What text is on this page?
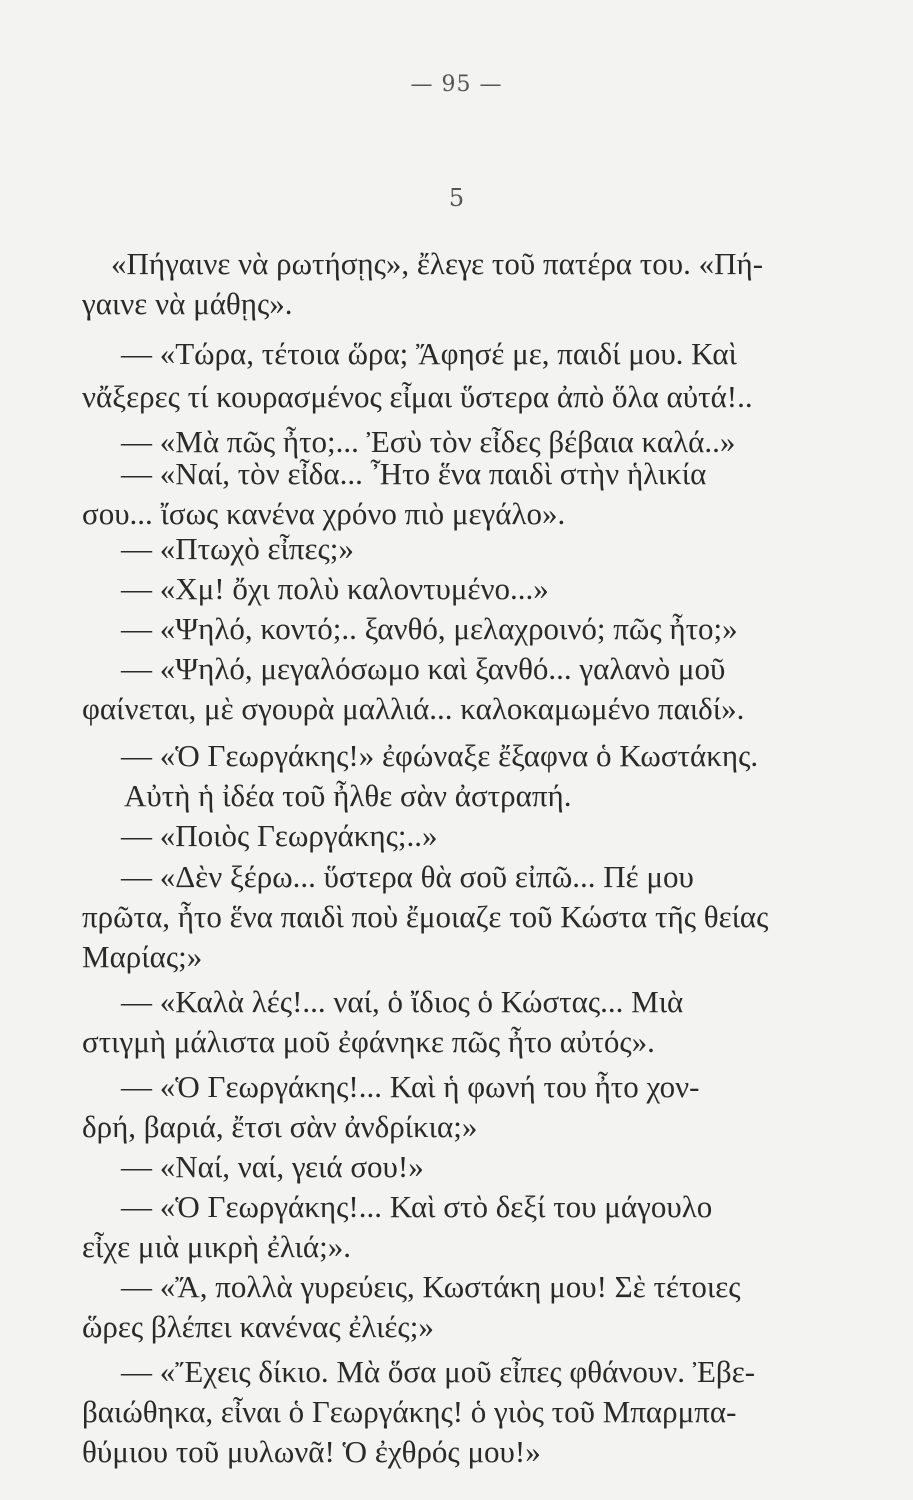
— 95 —
5
«Πήγαινε νὰ ρωτήσῃς», ἔλεγε τοῦ πατέρα του. «Πή-
γαινε νὰ μάθῃς».
— «Τώρα, τέτοια ὥρα; Ἄφησέ με, παιδί μου. Καὶ
νἄξερες τί κουρασμένος εἶμαι ὕστερα ἀπὸ ὅλα αὐτά!..
— «Μὰ πῶς ἦτο;... Ἐσὺ τὸν εἶδες βέβαια καλά..»
— «Ναί, τὸν εἶδα... Ἦτο ἕνα παιδὶ στὴν ἡλικία
σου... ἴσως κανένα χρόνο πιὸ μεγάλο».
— «Πτωχὸ εἶπες;»
— «Χμ! ὄχι πολὺ καλοντυμένο...»
— «Ψηλό, κοντό;.. ξανθό, μελαχροινό; πῶς ἦτο;»
— «Ψηλό, μεγαλόσωμο καὶ ξανθό... γαλανὸ μοῦ
φαίνεται, μὲ σγουρὰ μαλλιά... καλοκαμωμένο παιδί».
— «Ὁ Γεωργάκης!» ἐφώναξε ἔξαφνα ὁ Κωστάκης.
Αὐτὴ ἡ ἰδέα τοῦ ἦλθε σὰν ἀστραπή.
— «Ποιὸς Γεωργάκης;..»
— «Δὲν ξέρω... ὕστερα θὰ σοῦ εἰπῶ... Πέ μου
πρῶτα, ἦτο ἕνα παιδὶ ποὺ ἔμοιαζε τοῦ Κώστα τῆς θείας
Μαρίας;»
— «Καλὰ λές!... ναί, ὁ ἴδιος ὁ Κώστας... Μιὰ
στιγμὴ μάλιστα μοῦ ἐφάνηκε πῶς ἦτο αὐτός».
— «Ὁ Γεωργάκης!... Καὶ ἡ φωνή του ἦτο χον-
δρή, βαριά, ἔτσι σὰν ἀνδρίκια;»
— «Ναί, ναί, γειά σου!»
— «Ὁ Γεωργάκης!... Καὶ στὸ δεξί του μάγουλο
εἶχε μιὰ μικρὴ ἐλιά;».
— «Ἄ, πολλὰ γυρεύεις, Κωστάκη μου! Σὲ τέτοιες
ὥρες βλέπει κανένας ἐλιές;»
— «Ἔχεις δίκιο. Μὰ ὅσα μοῦ εἶπες φθάνουν. Ἐβε-
βαιώθηκα, εἶναι ὁ Γεωργάκης! ὁ γιὸς τοῦ Μπαρμπα-
θύμιου τοῦ μυλωνᾶ! Ὁ ἐχθρός μου!»
